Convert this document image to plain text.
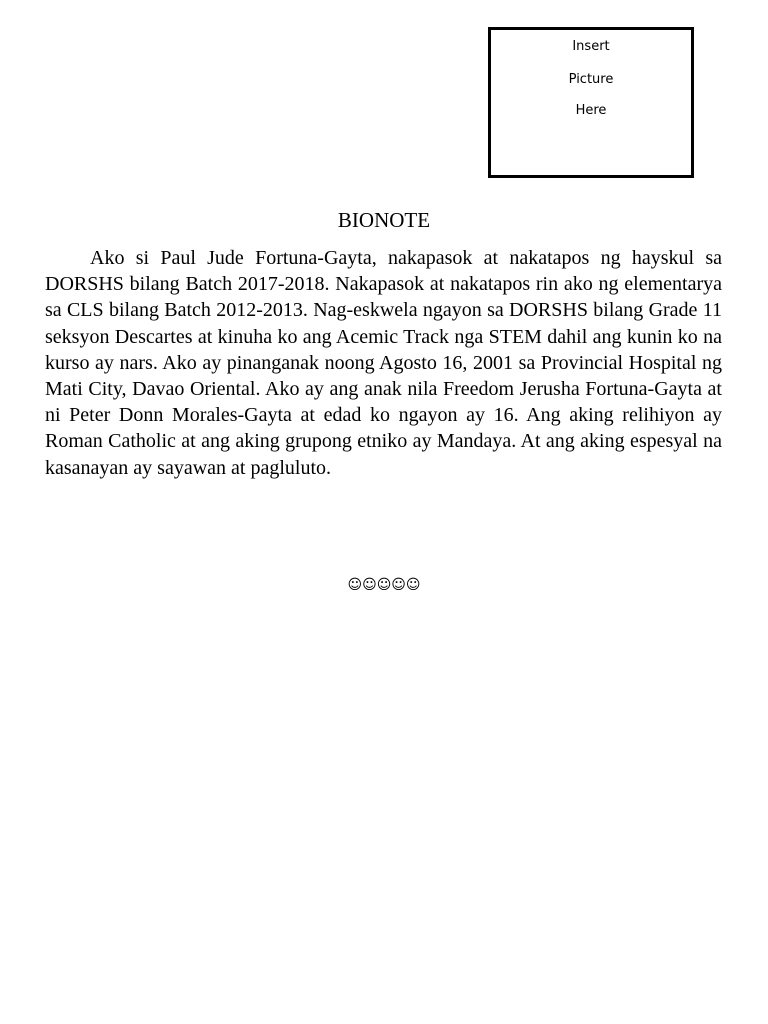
Insert
Picture
Here
BIONOTE

Ako si Paul Jude Fortuna-Gayta, nakapasok at nakatapos ng hayskul sa DORSHS bilang Batch 2017-2018. Nakapasok at nakatapos rin ako ng elementarya sa CLS bilang Batch 2012-2013. Nag-eskwela ngayon sa DORSHS bilang Grade 11 seksyon Descartes at kinuha ko ang Acemic Track nga STEM dahil ang kunin ko na kurso ay nars. Ako ay pinanganak noong Agosto 16, 2001 sa Provincial Hospital ng Mati City, Davao Oriental. Ako ay ang anak nila Freedom Jerusha Fortuna-Gayta at ni Peter Donn Morales-Gayta at edad ko ngayon ay 16. Ang aking relihiyon ay Roman Catholic at ang aking grupong etniko ay Mandaya. At ang aking espesyal na kasanayan ay sayawan at pagluluto.

☺☺☺☺☺
